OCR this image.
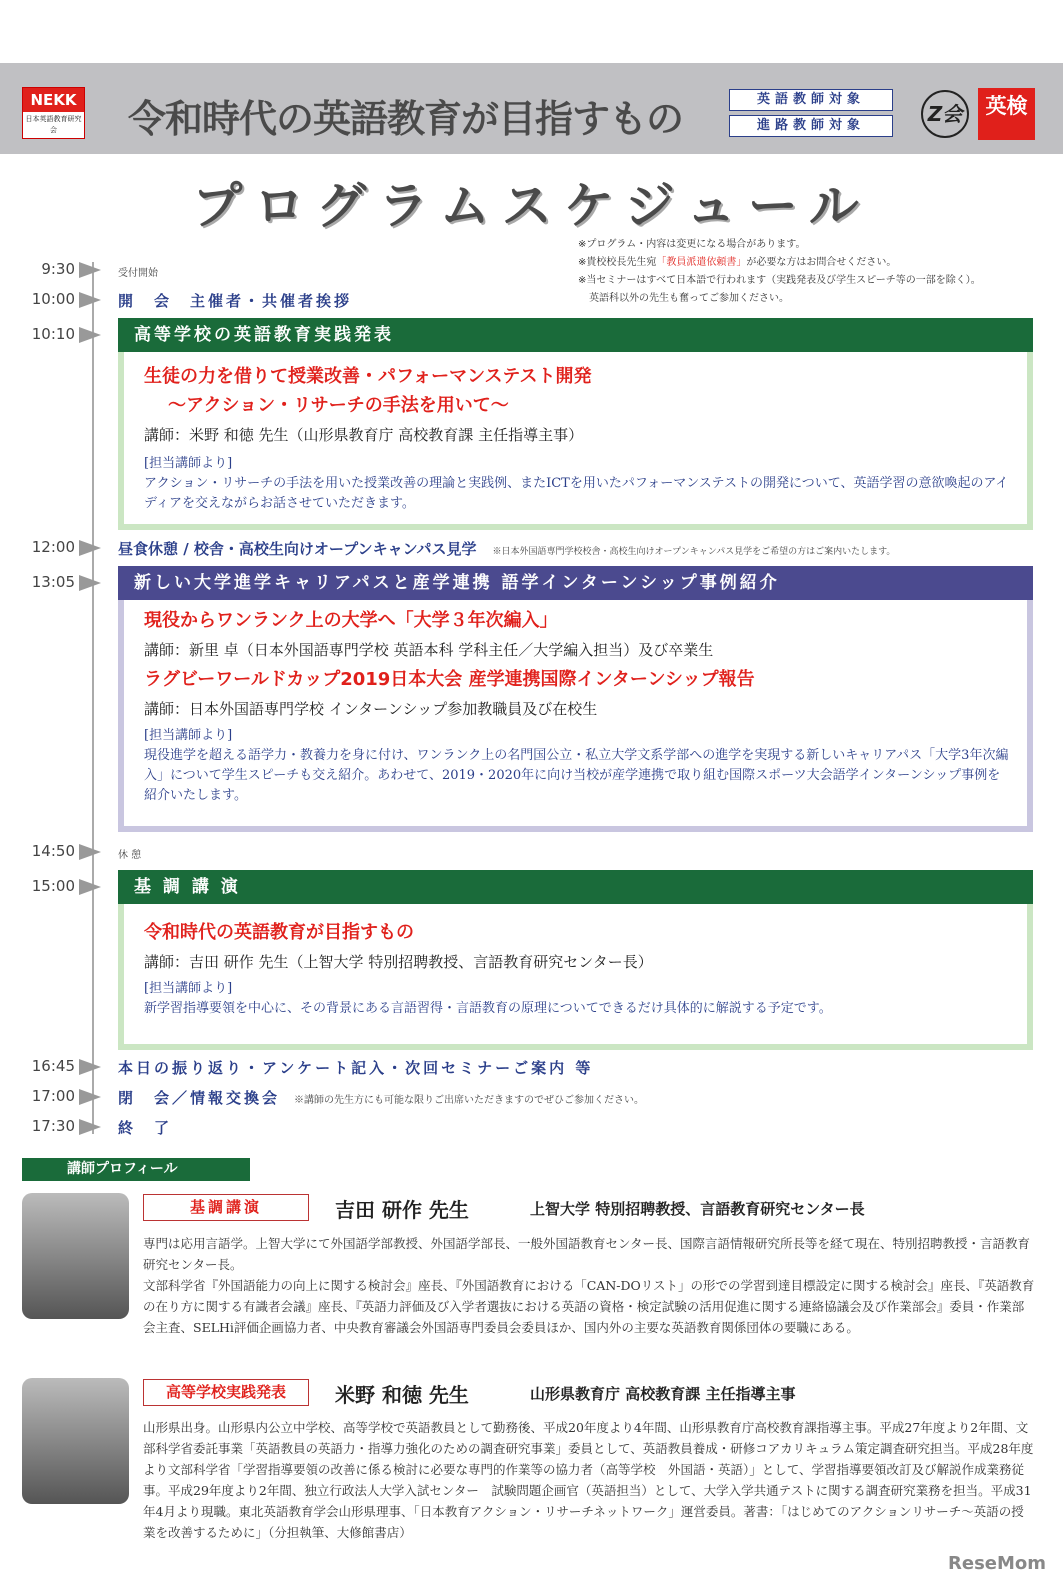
NEKK
日本英語教育研究会	令和時代の英語教育が目指すもの	英語教師対象
進路教師対象	Z会	英検
プログラムスケジュール
※プログラム・内容は変更になる場合があります。
※貴校校長先生宛「教員派遣依頼書」が必要な方はお問合せください。
※当セミナーはすべて日本語で行われます（実践発表及び学生スピーチ等の一部を除く）。
英語科以外の先生も奮ってご参加ください。
9:30	受付開始
10:00	開　会　主催者・共催者挨拶
10:10	高等学校の英語教育実践発表
生徒の力を借りて授業改善・パフォーマンステスト開発
〜アクション・リサーチの手法を用いて〜
講師：米野 和徳 先生（山形県教育庁 高校教育課 主任指導主事）
[担当講師より]
アクション・リサーチの手法を用いた授業改善の理論と実践例、またICTを用いたパフォーマンステストの開発について、英語学習の意欲喚起のアイディアを交えながらお話させていただきます。
12:00	昼食休憩 / 校舎・高校生向けオープンキャンパス見学 ※日本外国語専門学校校舎・高校生向けオープンキャンパス見学をご希望の方はご案内いたします。
13:05	新しい大学進学キャリアパスと産学連携 語学インターンシップ事例紹介
現役からワンランク上の大学へ「大学３年次編入」
講師：新里 卓（日本外国語専門学校 英語本科 学科主任／大学編入担当）及び卒業生
ラグビーワールドカップ2019日本大会 産学連携国際インターンシップ報告
講師：日本外国語専門学校 インターンシップ参加教職員及び在校生
[担当講師より]
現役進学を超える語学力・教養力を身に付け、ワンランク上の名門国公立・私立大学文系学部への進学を実現する新しいキャリアパス「大学3年次編入」について学生スピーチも交え紹介。あわせて、2019・2020年に向け当校が産学連携で取り組む国際スポーツ大会語学インターンシップ事例を紹介いたします。
14:50	休 憩
15:00	基 調 講 演
令和時代の英語教育が目指すもの
講師：吉田 研作 先生（上智大学 特別招聘教授、言語教育研究センター長）
[担当講師より]
新学習指導要領を中心に、その背景にある言語習得・言語教育の原理についてできるだけ具体的に解説する予定です。
16:45	本日の振り返り・アンケート記入・次回セミナーご案内 等
17:00	閉　会／情報交換会 ※講師の先生方にも可能な限りご出席いただきますのでぜひご参加ください。
17:30	終　了
講師プロフィール
基調講演	吉田 研作 先生	上智大学 特別招聘教授、言語教育研究センター長
専門は応用言語学。上智大学にて外国語学部教授、外国語学部長、一般外国語教育センター長、国際言語情報研究所長等を経て現在、特別招聘教授・言語教育研究センター長。
文部科学省『外国語能力の向上に関する検討会』座長、『外国語教育における「CAN-DOリスト」の形での学習到達目標設定に関する検討会』座長、『英語教育の在り方に関する有識者会議』座長、『英語力評価及び入学者選抜における英語の資格・検定試験の活用促進に関する連絡協議会及び作業部会』委員・作業部会主査、SELHi評価企画協力者、中央教育審議会外国語専門委員会委員ほか、国内外の主要な英語教育関係団体の要職にある。
高等学校実践発表	米野 和徳 先生	山形県教育庁 高校教育課 主任指導主事
山形県出身。山形県内公立中学校、高等学校で英語教員として勤務後、平成20年度より4年間、山形県教育庁高校教育課指導主事。平成27年度より2年間、文部科学省委託事業「英語教員の英語力・指導力強化のための調査研究事業」委員として、英語教員養成・研修コアカリキュラム策定調査研究担当。平成28年度より文部科学省「学習指導要領の改善に係る検討に必要な専門的作業等の協力者（高等学校　外国語・英語）」として、学習指導要領改訂及び解説作成業務従事。平成29年度より2年間、独立行政法人大学入試センター　試験問題企画官（英語担当）として、大学入学共通テストに関する調査研究業務を担当。平成31年4月より現職。東北英語教育学会山形県理事、「日本教育アクション・リサーチネットワーク」運営委員。著書：「はじめてのアクションリサーチ〜英語の授業を改善するために」（分担執筆、大修館書店）
ReseMom
